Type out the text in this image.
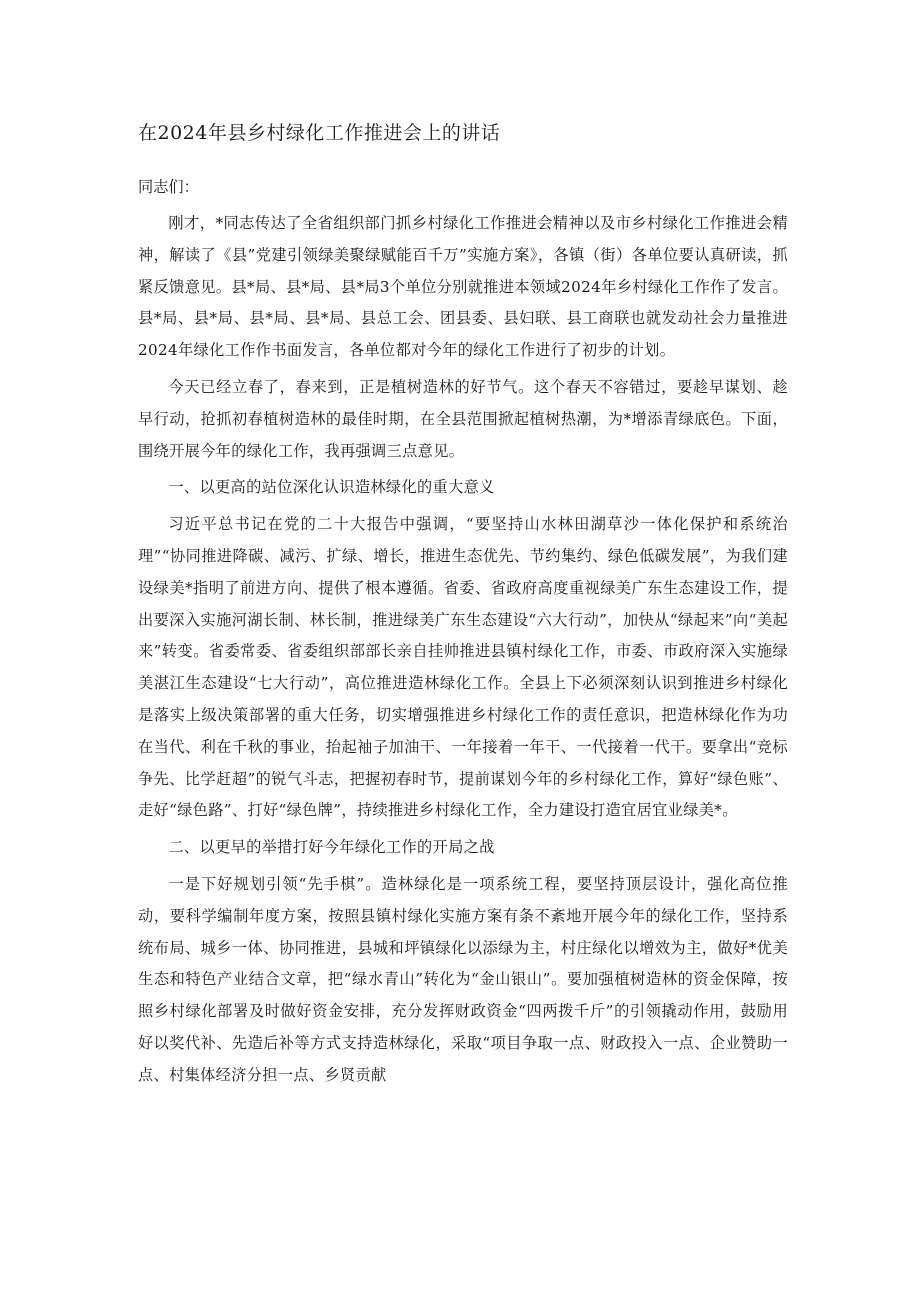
在2024年县乡村绿化工作推进会上的讲话

同志们：

刚才，*同志传达了全省组织部门抓乡村绿化工作推进会精神以及市乡村绿化工作推进会精神，解读了《县”党建引领绿美聚绿赋能百千万”实施方案》，各镇（街）各单位要认真研读，抓紧反馈意见。县*局、县*局、县*局3个单位分别就推进本领域2024年乡村绿化工作作了发言。县*局、县*局、县*局、县*局、县总工会、团县委、县妇联、县工商联也就发动社会力量推进2024年绿化工作作书面发言，各单位都对今年的绿化工作进行了初步的计划。

今天已经立春了，春来到，正是植树造林的好节气。这个春天不容错过，要趁早谋划、趁早行动，抢抓初春植树造林的最佳时期，在全县范围掀起植树热潮，为*增添青绿底色。下面，围绕开展今年的绿化工作，我再强调三点意见。

一、以更高的站位深化认识造林绿化的重大意义

习近平总书记在党的二十大报告中强调，“要坚持山水林田湖草沙一体化保护和系统治理”“协同推进降碳、减污、扩绿、增长，推进生态优先、节约集约、绿色低碳发展”，为我们建设绿美*指明了前进方向、提供了根本遵循。省委、省政府高度重视绿美广东生态建设工作，提出要深入实施河湖长制、林长制，推进绿美广东生态建设“六大行动”，加快从“绿起来”向“美起来”转变。省委常委、省委组织部部长亲自挂帅推进县镇村绿化工作，市委、市政府深入实施绿美湛江生态建设“七大行动”，高位推进造林绿化工作。全县上下必须深刻认识到推进乡村绿化是落实上级决策部署的重大任务，切实增强推进乡村绿化工作的责任意识，把造林绿化作为功在当代、利在千秋的事业，抬起袖子加油干、一年接着一年干、一代接着一代干。要拿出“竞标争先、比学赶超”的锐气斗志，把握初春时节，提前谋划今年的乡村绿化工作，算好“绿色账”、走好“绿色路”、打好“绿色牌”，持续推进乡村绿化工作，全力建设打造宜居宜业绿美*。

二、以更早的举措打好今年绿化工作的开局之战

一是下好规划引领“先手棋”。造林绿化是一项系统工程，要坚持顶层设计，强化高位推动，要科学编制年度方案，按照县镇村绿化实施方案有条不紊地开展今年的绿化工作，坚持系统布局、城乡一体、协同推进，县城和坪镇绿化以添绿为主，村庄绿化以增效为主，做好*优美生态和特色产业结合文章，把“绿水青山”转化为“金山银山”。要加强植树造林的资金保障，按照乡村绿化部署及时做好资金安排，充分发挥财政资金“四两拨千斤”的引领撬动作用，鼓励用好以奖代补、先造后补等方式支持造林绿化，采取“项目争取一点、财政投入一点、企业赞助一点、村集体经济分担一点、乡贤贡献
